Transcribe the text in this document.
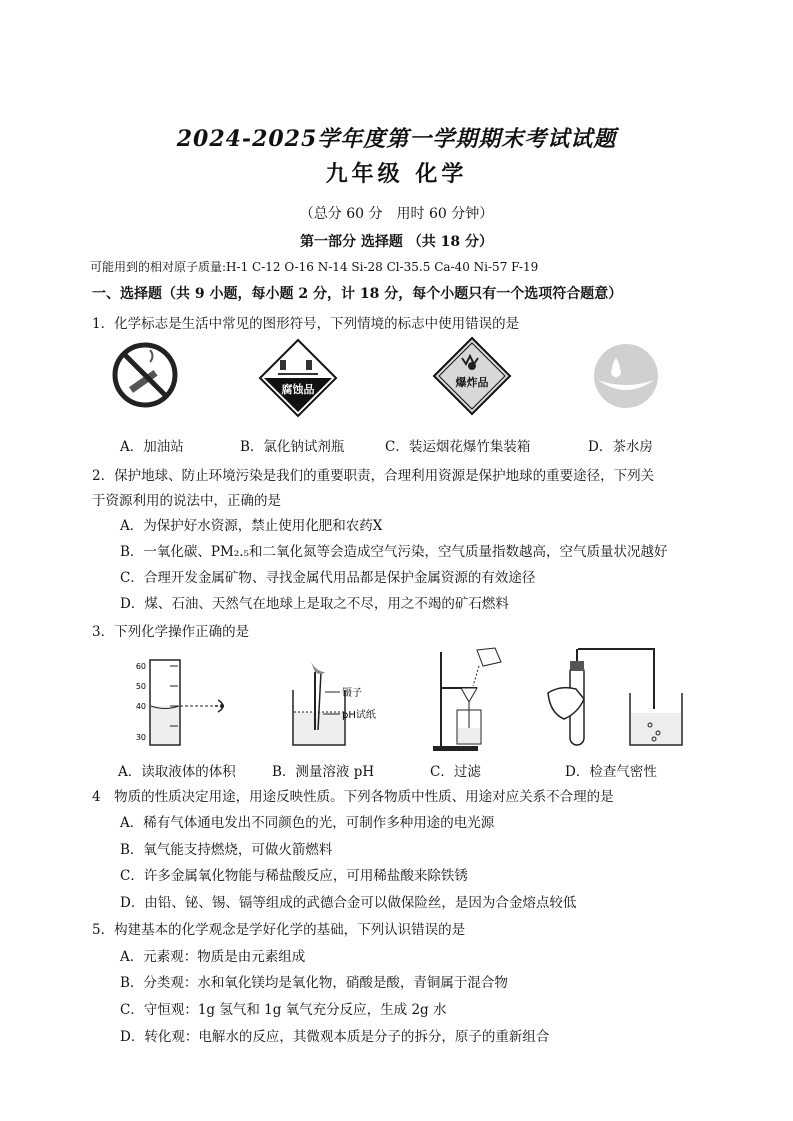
2024-2025学年度第一学期期末考试试题
九年级 化学
（总分 60 分　用时 60 分钟）
第一部分 选择题 （共 18 分）
可能用到的相对原子质量:H-1 C-12 O-16 N-14 Si-28 Cl-35.5 Ca-40 Ni-57 F-19
一、选择题（共 9 小题，每小题 2 分，计 18 分，每个小题只有一个选项符合题意）
1．化学标志是生活中常见的图形符号，下列情境的标志中使用错误的是
腐蚀品
爆炸品
A．加油站	B．氯化钠试剂瓶	C．装运烟花爆竹集装箱	D．茶水房
2．保护地球、防止环境污染是我们的重要职责，合理利用资源是保护地球的重要途径，下列关
于资源利用的说法中，正确的是
A．为保护好水资源，禁止使用化肥和农药X
B．一氧化碳、PM₂.₅和二氧化氮等会造成空气污染，空气质量指数越高，空气质量状况越好
C．合理开发金属矿物、寻找金属代用品都是保护金属资源的有效途径
D．煤、石油、天然气在地球上是取之不尽，用之不竭的矿石燃料
3．下列化学操作正确的是
60
50
40
30
镊子
pH试纸
A．读取液体的体积	B．测量溶液 pH	C．过滤	D．检查气密性
4　物质的性质决定用途，用途反映性质。下列各物质中性质、用途对应关系不合理的是
A．稀有气体通电发出不同颜色的光，可制作多种用途的电光源
B．氧气能支持燃烧，可做火箭燃料
C．许多金属氧化物能与稀盐酸反应，可用稀盐酸来除铁锈
D．由铅、铋、锡、镉等组成的武德合金可以做保险丝，是因为合金熔点较低
5．构建基本的化学观念是学好化学的基础，下列认识错误的是
A．元素观：物质是由元素组成
B．分类观：水和氧化镁均是氧化物，硝酸是酸，青铜属于混合物
C．守恒观：1g 氢气和 1g 氧气充分反应，生成 2g 水
D．转化观：电解水的反应，其微观本质是分子的拆分，原子的重新组合
